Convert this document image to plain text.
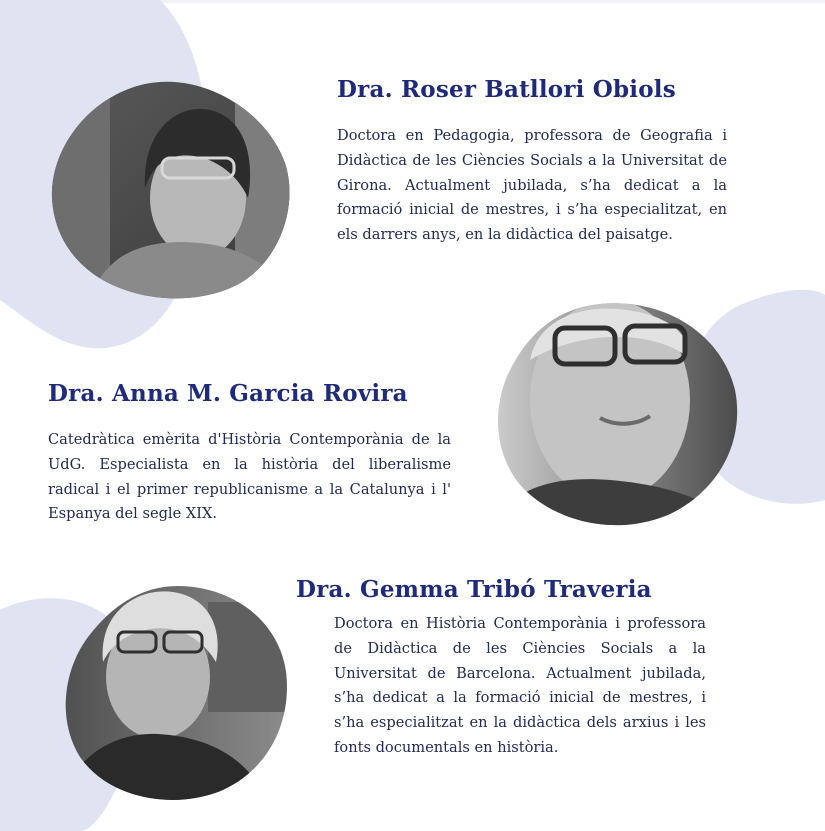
Dra. Roser Batllori Obiols

Doctora en Pedagogia, professora de Geografia i Didàctica de les Ciències Socials a la Universitat de Girona. Actualment jubilada, s’ha dedicat a la formació inicial de mestres, i s’ha especialitzat, en els darrers anys, en la didàctica del paisatge.

Dra. Anna M. Garcia Rovira

Catedràtica emèrita d'Història Contemporània de la UdG. Especialista en la història del liberalisme radical i el primer republicanisme a la Catalunya i l' Espanya del segle XIX.

Dra. Gemma Tribó Traveria

Doctora en Història Contemporània i professora de Didàctica de les Ciències Socials a la Universitat de Barcelona. Actualment jubilada, s’ha dedicat a la formació inicial de mestres, i s’ha especialitzat en la didàctica dels arxius i les fonts documentals en història.
